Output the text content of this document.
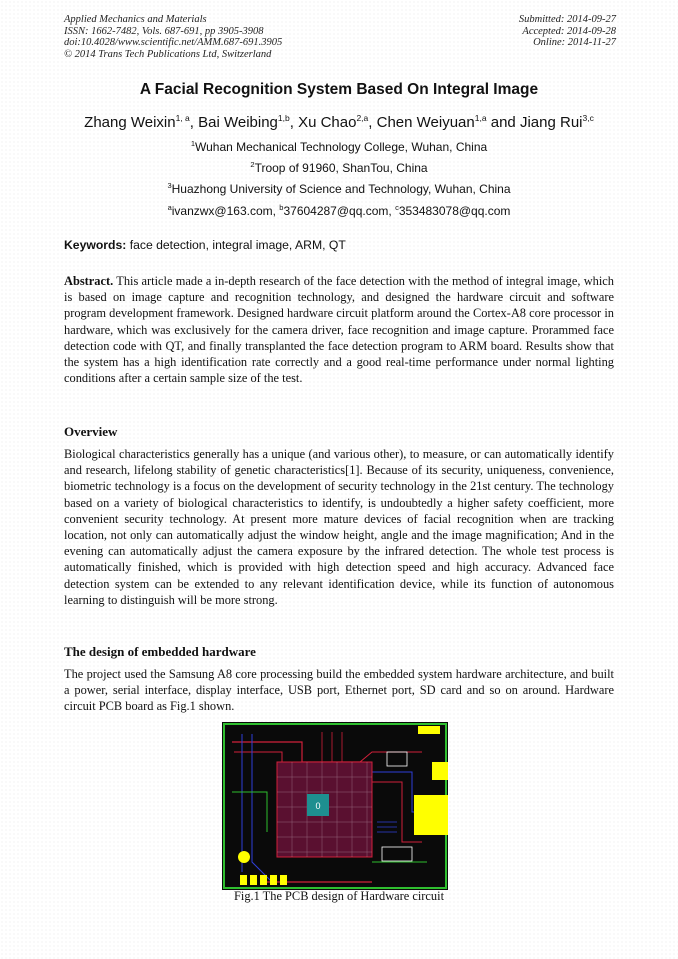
Applied Mechanics and Materials
ISSN: 1662-7482, Vols. 687-691, pp 3905-3908
doi:10.4028/www.scientific.net/AMM.687-691.3905
© 2014 Trans Tech Publications Ltd, Switzerland
Submitted: 2014-09-27
Accepted: 2014-09-28
Online: 2014-11-27
A Facial Recognition System Based On Integral Image
Zhang Weixin$^{1, a}$, Bai Weibing$^{1,b}$, Xu Chao$^{2,a}$, Chen Weiyuan$^{1,a}$ and Jiang Rui$^{3,c}$
$^1$Wuhan Mechanical Technology College, Wuhan, China
$^2$Troop of 91960, ShanTou, China
$^3$Huazhong University of Science and Technology, Wuhan, China
$^a$ivanzwx@163.com, $^b$37604287@qq.com, $^c$353483078@qq.com
Keywords: face detection, integral image, ARM, QT
Abstract. This article made a in-depth research of the face detection with the method of integral image, which is based on image capture and recognition technology, and designed the hardware circuit and software program development framework. Designed hardware circuit platform around the Cortex-A8 core processor in hardware, which was exclusively for the camera driver, face recognition and image capture. Prorammed face detection code with QT, and finally transplanted the face detection program to ARM board. Results show that the system has a high identification rate correctly and a good real-time performance under normal lighting conditions after a certain sample size of the test.
Overview
Biological characteristics generally has a unique (and various other), to measure, or can automatically identify and research, lifelong stability of genetic characteristics[1]. Because of its security, uniqueness, convenience, biometric technology is a focus on the development of security technology in the 21st century. The technology based on a variety of biological characteristics to identify, is undoubtedly a higher safety coefficient, more convenient security technology. At present more mature devices of facial recognition when are tracking location, not only can automatically adjust the window height, angle and the image magnification; And in the evening can automatically adjust the camera exposure by the infrared detection. The whole test process is automatically finished, which is provided with high detection speed and high accuracy. Advanced face detection system can be extended to any relevant identification device, while its function of autonomous learning to distinguish will be more strong.
The design of embedded hardware
The project used the Samsung A8 core processing build the embedded system hardware architecture, and built a power, serial interface, display interface, USB port, Ethernet port, SD card and so on around. Hardware circuit PCB board as Fig.1 shown.
0
Fig.1 The PCB design of Hardware circuit
